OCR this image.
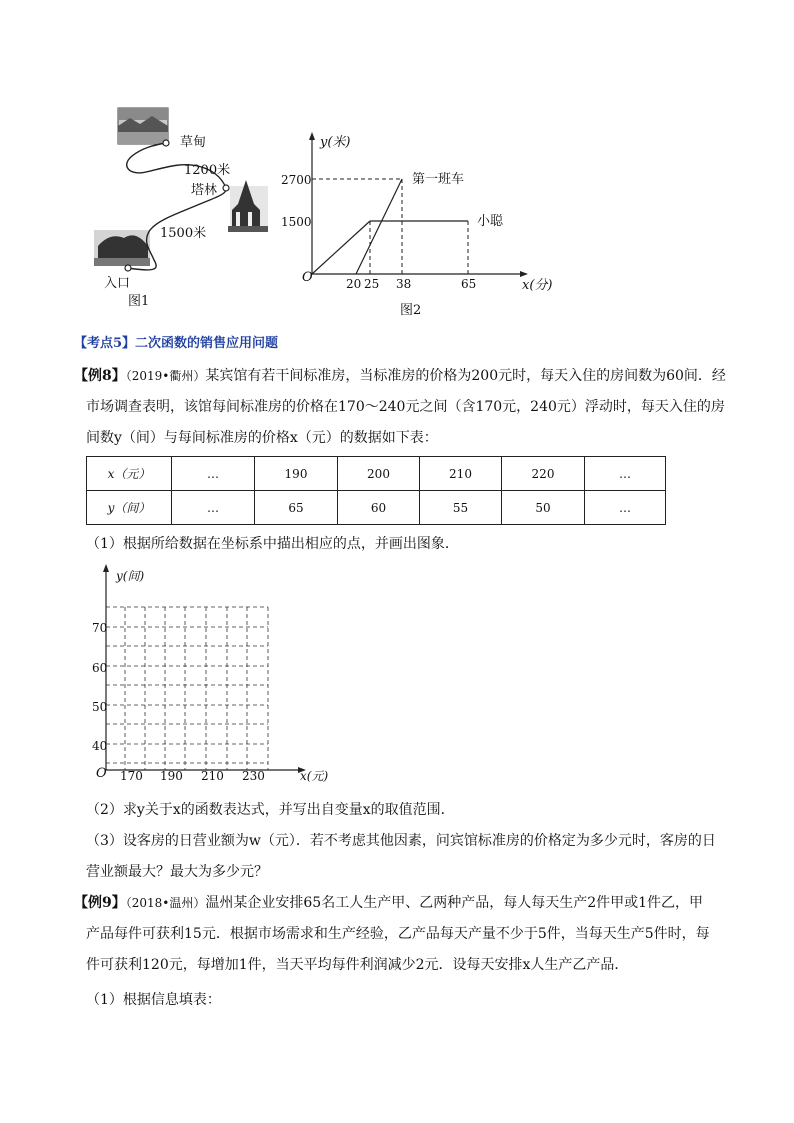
草甸
1200米
塔林
1500米
入口
图1
y(米)
2700
1500
O	20 25 38	65	x(分)
第一班车
小聪
图2
【考点5】二次函数的销售应用问题
【例8】（2019•衢州）某宾馆有若干间标准房，当标准房的价格为200元时，每天入住的房间数为60间．经
市场调查表明，该馆每间标准房的价格在170～240元之间（含170元，240元）浮动时，每天入住的房
间数y（间）与每间标准房的价格x（元）的数据如下表：
x（元）	…	190	200	210	220	…
y（间）	…	65	60	55	50	…
（1）根据所给数据在坐标系中描出相应的点，并画出图象．
y(间)
70
60
50
40
O 170 190 210 230	x(元)
（2）求y关于x的函数表达式，并写出自变量x的取值范围．
（3）设客房的日营业额为w（元）．若不考虑其他因素，问宾馆标准房的价格定为多少元时，客房的日
营业额最大？最大为多少元？
【例9】（2018•温州）温州某企业安排65名工人生产甲、乙两种产品，每人每天生产2件甲或1件乙，甲
产品每件可获利15元．根据市场需求和生产经验，乙产品每天产量不少于5件，当每天生产5件时，每
件可获利120元，每增加1件，当天平均每件利润减少2元．设每天安排x人生产乙产品．
（1）根据信息填表：
